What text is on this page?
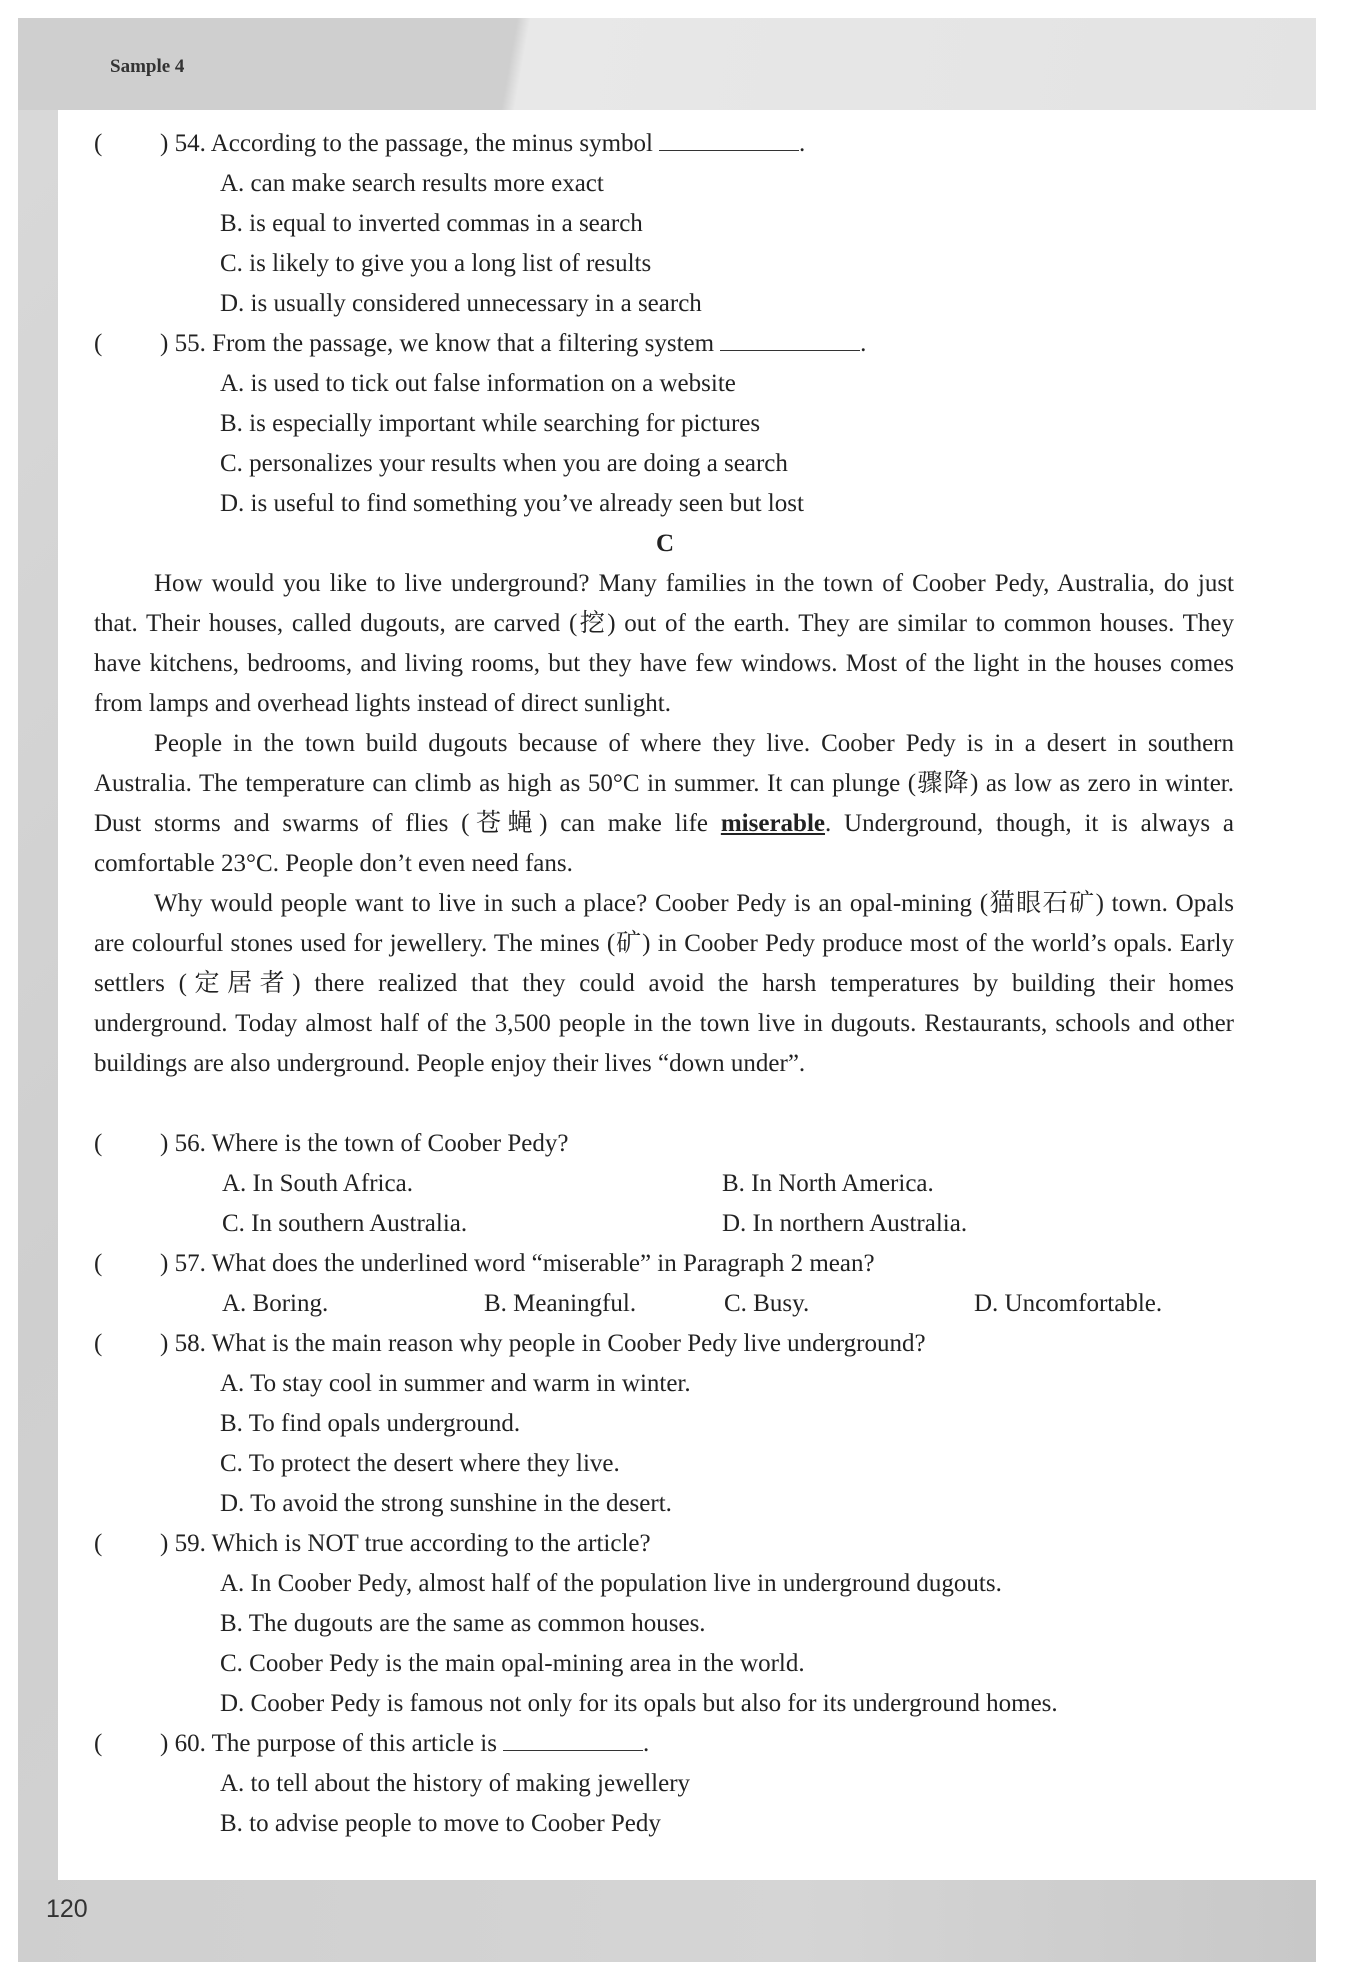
Sample 4
120
( ) 54. According to the passage, the minus symbol	.
A. can make search results more exact
B. is equal to inverted commas in a search
C. is likely to give you a long list of results
D. is usually considered unnecessary in a search
( ) 55. From the passage, we know that a filtering system	.
A. is used to tick out false information on a website
B. is especially important while searching for pictures
C. personalizes your results when you are doing a search
D. is useful to find something you’ve already seen but lost
C
How would you like to live underground? Many families in the town of Coober Pedy, Australia, do just that. Their houses, called dugouts, are carved (挖) out of the earth. They are similar to common houses. They have kitchens, bedrooms, and living rooms, but they have few windows. Most of the light in the houses comes from lamps and overhead lights instead of direct sunlight.
People in the town build dugouts because of where they live. Coober Pedy is in a desert in southern Australia. The temperature can climb as high as 50°C in summer. It can plunge (骤降) as low as zero in winter. Dust storms and swarms of flies (苍蝇) can make life miserable. Underground, though, it is always a comfortable 23°C. People don’t even need fans.
Why would people want to live in such a place? Coober Pedy is an opal-mining (猫眼石矿) town. Opals are colourful stones used for jewellery. The mines (矿) in Coober Pedy produce most of the world’s opals. Early settlers (定居者) there realized that they could avoid the harsh temperatures by building their homes underground. Today almost half of the 3,500 people in the town live in dugouts. Restaurants, schools and other buildings are also underground. People enjoy their lives “down under”.
( ) 56. Where is the town of Coober Pedy?
A. In South Africa.	B. In North America.
C. In southern Australia.	D. In northern Australia.
( ) 57. What does the underlined word “miserable” in Paragraph 2 mean?
A. Boring.	B. Meaningful.	C. Busy.	D. Uncomfortable.
( ) 58. What is the main reason why people in Coober Pedy live underground?
A. To stay cool in summer and warm in winter.
B. To find opals underground.
C. To protect the desert where they live.
D. To avoid the strong sunshine in the desert.
( ) 59. Which is NOT true according to the article?
A. In Coober Pedy, almost half of the population live in underground dugouts.
B. The dugouts are the same as common houses.
C. Coober Pedy is the main opal-mining area in the world.
D. Coober Pedy is famous not only for its opals but also for its underground homes.
( ) 60. The purpose of this article is	.
A. to tell about the history of making jewellery
B. to advise people to move to Coober Pedy
